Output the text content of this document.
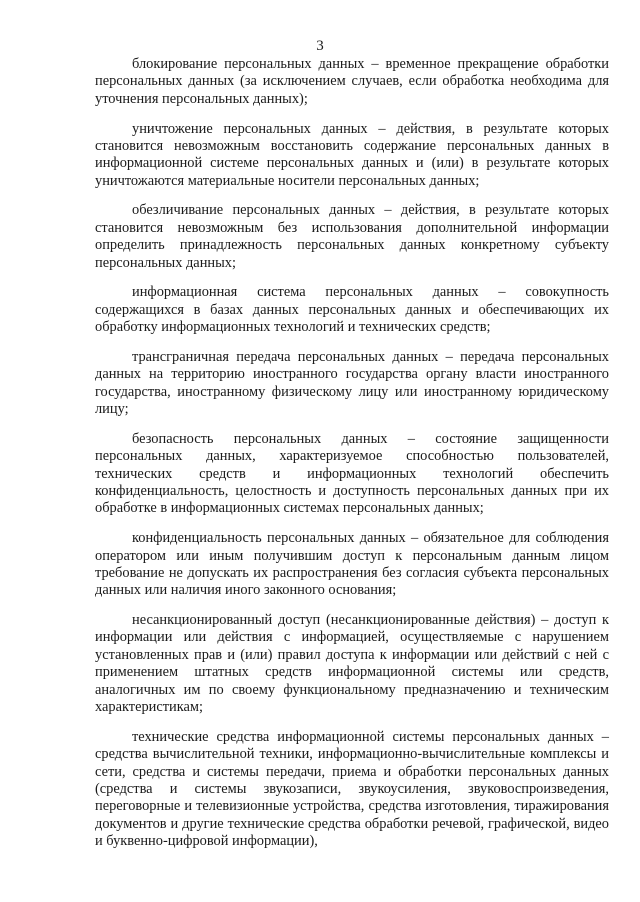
3

блокирование персональных данных – временное прекращение обработки персональных данных (за исключением случаев, если обработка необходима для уточнения персональных данных);

уничтожение персональных данных – действия, в результате которых становится невозможным восстановить содержание персональных данных в информационной системе персональных данных и (или) в результате которых уничтожаются материальные носители персональных данных;

обезличивание персональных данных – действия, в результате которых становится невозможным без использования дополнительной информации определить принадлежность персональных данных конкретному субъекту персональных данных;

информационная система персональных данных – совокупность содержащихся в базах данных персональных данных и обеспечивающих их обработку информационных технологий и технических средств;

трансграничная передача персональных данных – передача персональных данных на территорию иностранного государства органу власти иностранного государства, иностранному физическому лицу или иностранному юридическому лицу;

безопасность персональных данных – состояние защищенности персональных данных, характеризуемое способностью пользователей, технических средств и информационных технологий обеспечить конфиденциальность, целостность и доступность персональных данных при их обработке в информационных системах персональных данных;

конфиденциальность персональных данных – обязательное для соблюдения оператором или иным получившим доступ к персональным данным лицом требование не допускать их распространения без согласия субъекта персональных данных или наличия иного законного основания;

несанкционированный доступ (несанкционированные действия) – доступ к информации или действия с информацией, осуществляемые с нарушением установленных прав и (или) правил доступа к информации или действий с ней с применением штатных средств информационной системы или средств, аналогичных им по своему функциональному предназначению и техническим характеристикам;

технические средства информационной системы персональных данных – средства вычислительной техники, информационно-вычислительные комплексы и сети, средства и системы передачи, приема и обработки персональных данных (средства и системы звукозаписи, звукоусиления, звуковоспроизведения, переговорные и телевизионные устройства, средства изготовления, тиражирования документов и другие технические средства обработки речевой, графической, видео и буквенно-цифровой информации),
